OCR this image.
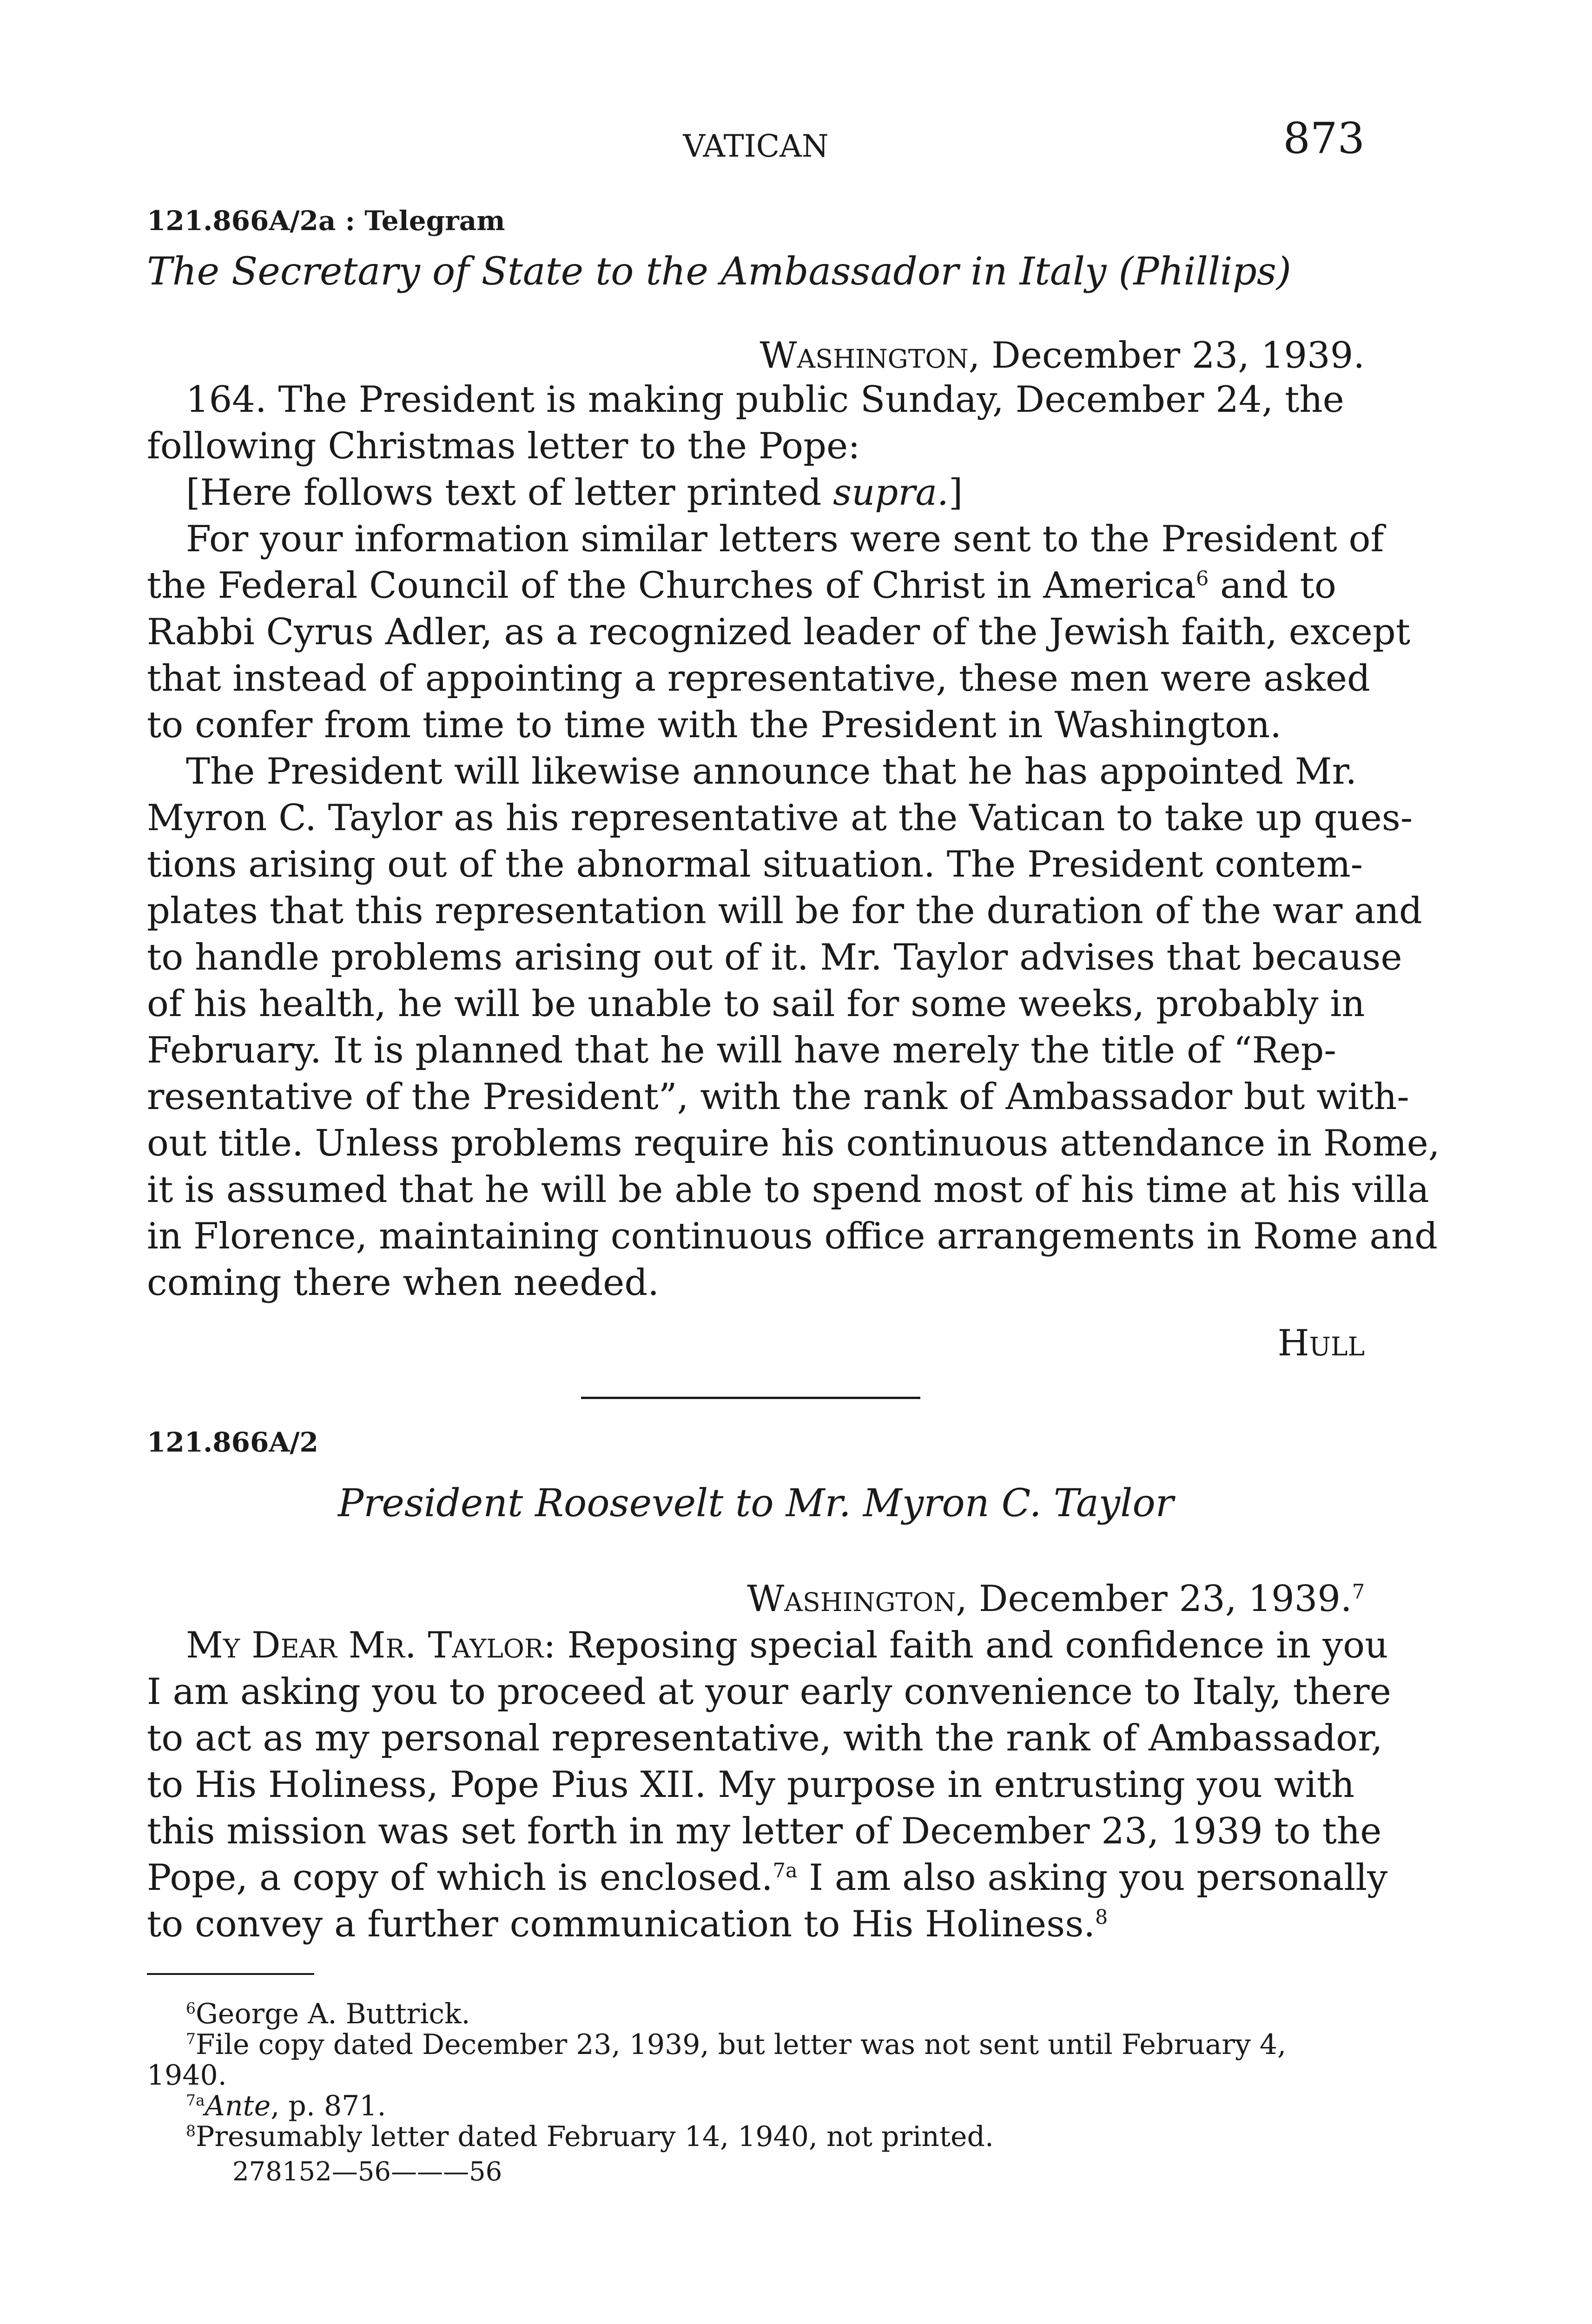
VATICAN	873
121.866A/2a : Telegram
The Secretary of State to the Ambassador in Italy (Phillips)
Washington, December 23, 1939.
164. The President is making public Sunday, December 24, the
following Christmas letter to the Pope:
[Here follows text of letter printed supra.]
For your information similar letters were sent to the President of
the Federal Council of the Churches of Christ in America$^6$ and to
Rabbi Cyrus Adler, as a recognized leader of the Jewish faith, except
that instead of appointing a representative, these men were asked
to confer from time to time with the President in Washington.
The President will likewise announce that he has appointed Mr.
Myron C. Taylor as his representative at the Vatican to take up ques-
tions arising out of the abnormal situation. The President contem-
plates that this representation will be for the duration of the war and
to handle problems arising out of it. Mr. Taylor advises that because
of his health, he will be unable to sail for some weeks, probably in
February. It is planned that he will have merely the title of “Rep-
resentative of the President”, with the rank of Ambassador but with-
out title. Unless problems require his continuous attendance in Rome,
it is assumed that he will be able to spend most of his time at his villa
in Florence, maintaining continuous office arrangements in Rome and
coming there when needed.
Hull
121.866A/2
President Roosevelt to Mr. Myron C. Taylor
Washington, December 23, 1939.$^7$
My Dear Mr. Taylor: Reposing special faith and confidence in you
I am asking you to proceed at your early convenience to Italy, there
to act as my personal representative, with the rank of Ambassador,
to His Holiness, Pope Pius XII. My purpose in entrusting you with
this mission was set forth in my letter of December 23, 1939 to the
Pope, a copy of which is enclosed.$^{7a}$ I am also asking you personally
to convey a further communication to His Holiness.$^8$
$^6$George A. Buttrick.
$^7$File copy dated December 23, 1939, but letter was not sent until February 4,
1940.
$^{7a}$Ante, p. 871.
$^8$Presumably letter dated February 14, 1940, not printed.
278152—56———56
